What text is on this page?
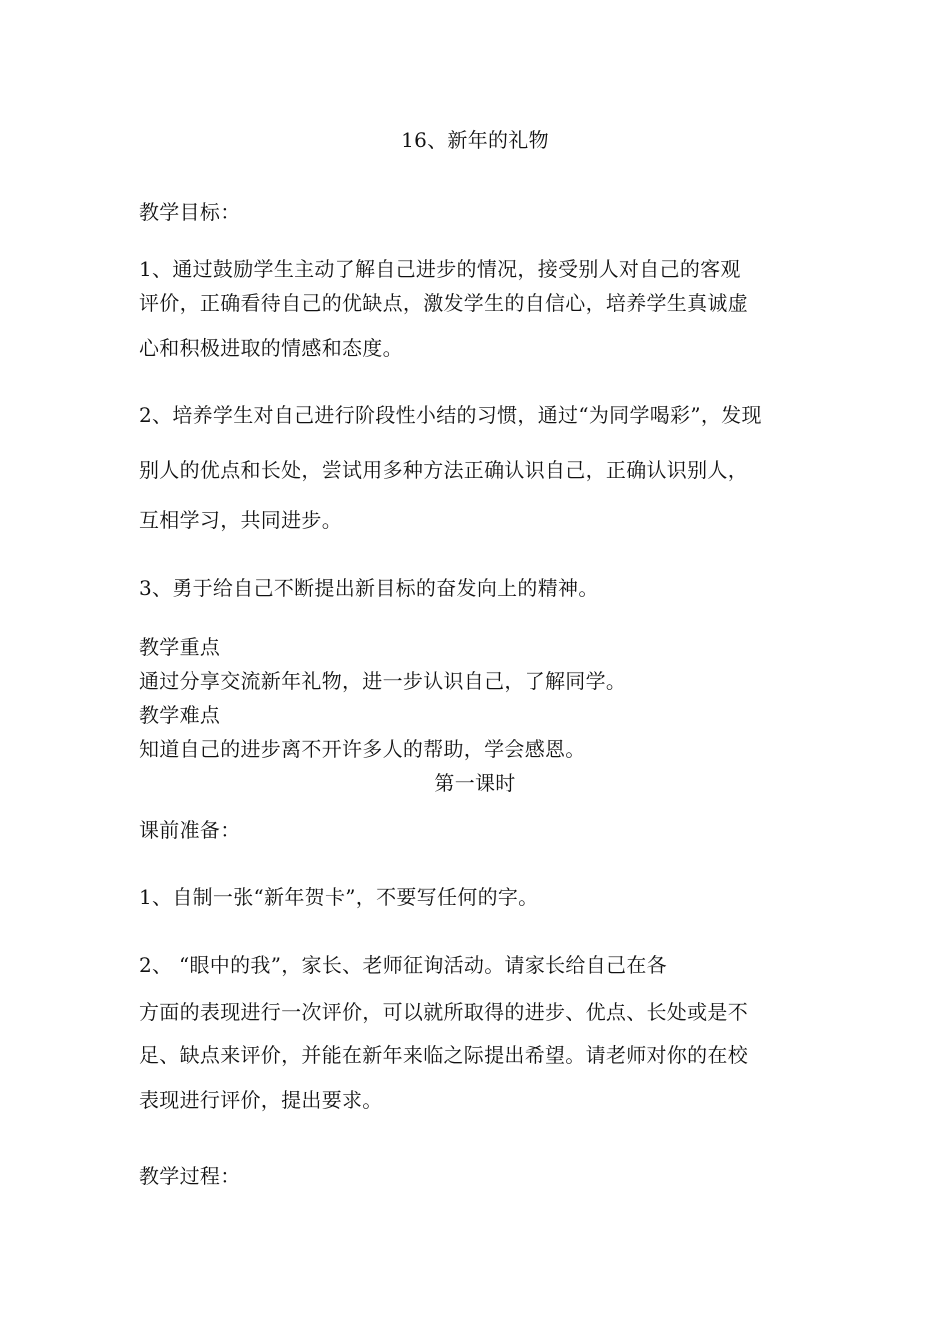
16、新年的礼物
教学目标：
1、通过鼓励学生主动了解自己进步的情况，接受别人对自己的客观
评价，正确看待自己的优缺点，激发学生的自信心，培养学生真诚虚
心和积极进取的情感和态度。
2、培养学生对自己进行阶段性小结的习惯，通过“为同学喝彩”，发现
别人的优点和长处，尝试用多种方法正确认识自己，正确认识别人，
互相学习，共同进步。
3、勇于给自己不断提出新目标的奋发向上的精神。
教学重点
通过分享交流新年礼物，进一步认识自己，了解同学。
教学难点
知道自己的进步离不开许多人的帮助，学会感恩。
第一课时
课前准备：
1、自制一张“新年贺卡”，不要写任何的字。
2、 “眼中的我”，家长、老师征询活动。请家长给自己在各
方面的表现进行一次评价，可以就所取得的进步、优点、长处或是不
足、缺点来评价，并能在新年来临之际提出希望。请老师对你的在校
表现进行评价，提出要求。
教学过程：
